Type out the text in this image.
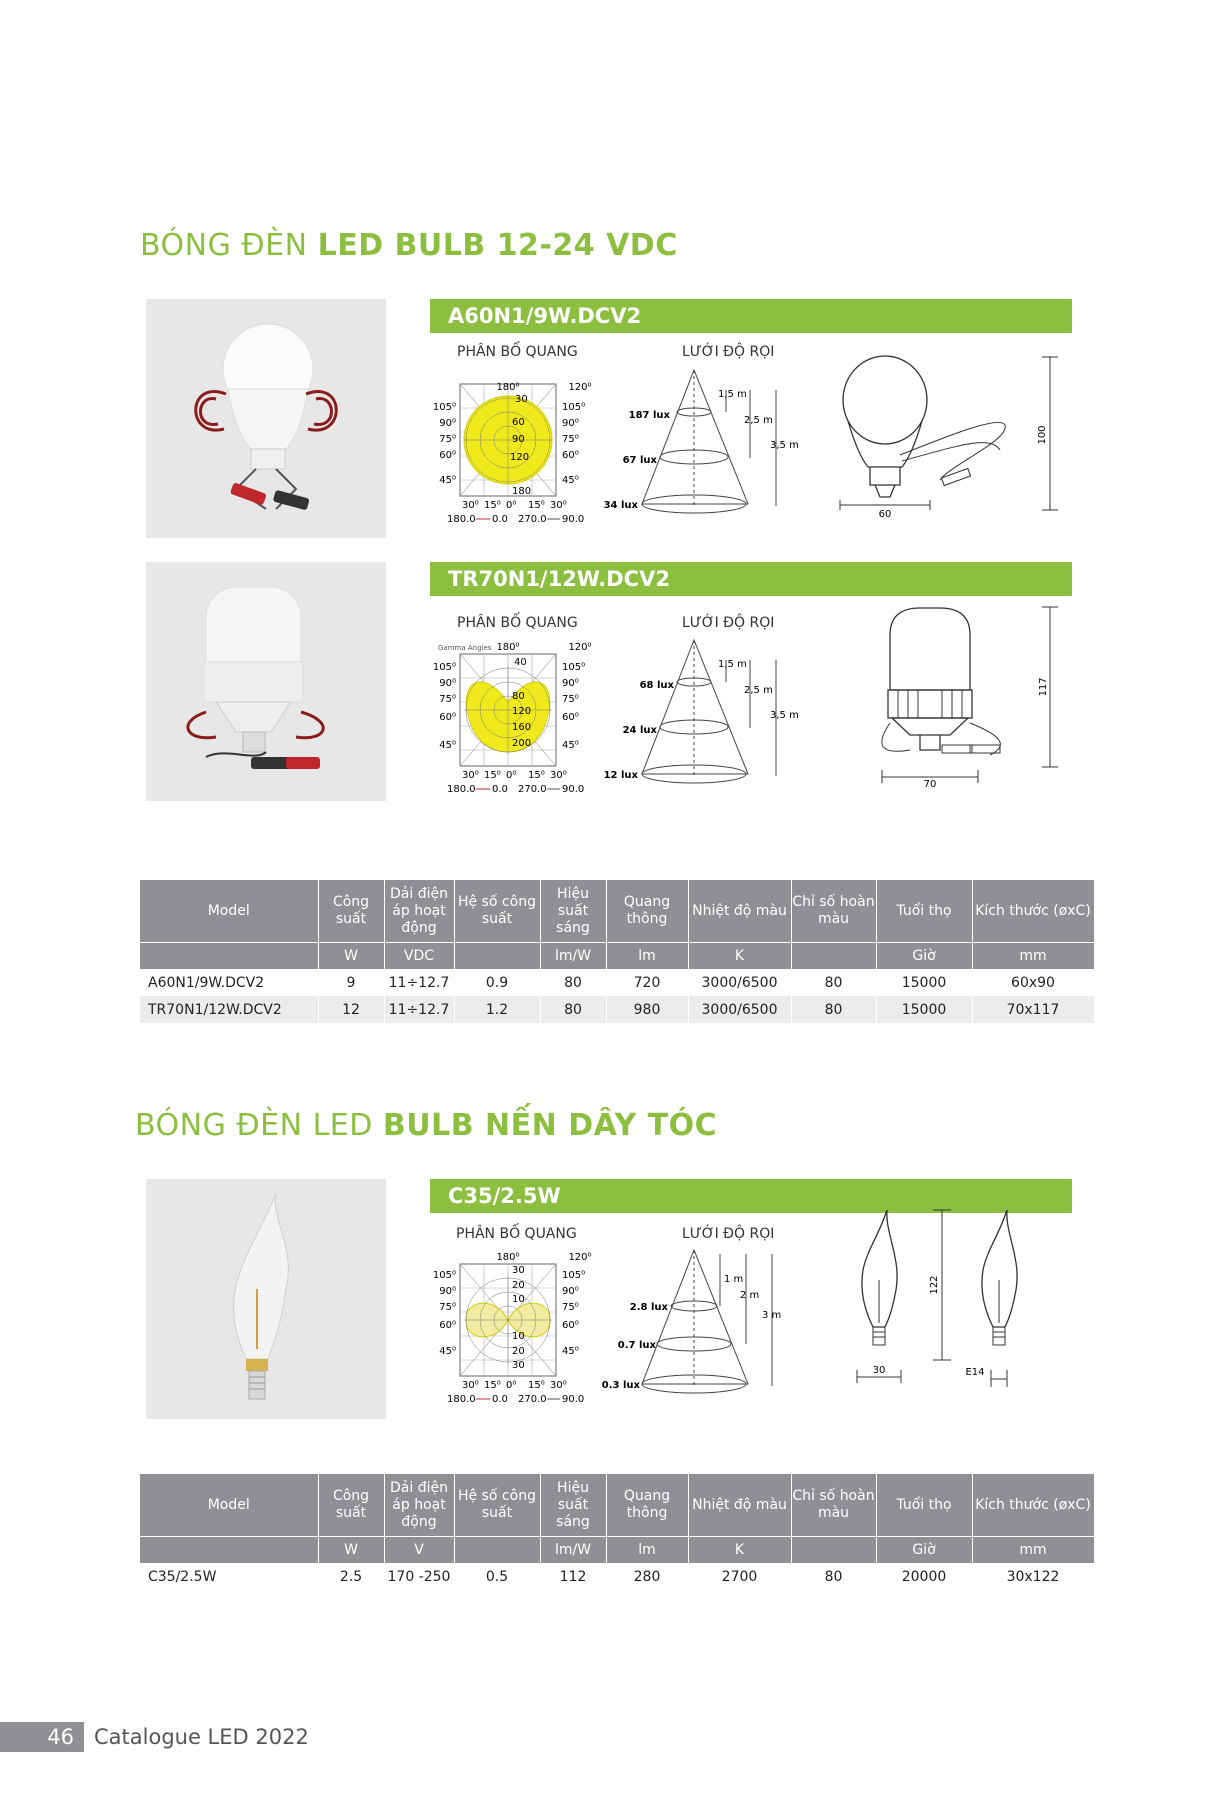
BÓNG ĐÈN LED BULB 12-24 VDC
A60N1/9W.DCV2
PHÂN BỐ QUANG	LƯỚI ĐỘ RỌI
180⁰	120⁰
30
60
90
120
180
105⁰
90⁰
75⁰
60⁰
45⁰
105⁰
90⁰
75⁰
60⁰
45⁰
30⁰ 15⁰ 0⁰ 15⁰ 30⁰
180.0 0.0 270.0 90.0
1,5 m
2,5 m
3,5 m
187 lux
67 lux
34 lux
60
100
TR70N1/12W.DCV2
PHÂN BỐ QUANG	LƯỚI ĐỘ RỌI
Gamma Angles 180⁰	120⁰
40
80
120
160
200
105⁰
90⁰
75⁰
60⁰
45⁰
105⁰
90⁰
75⁰
60⁰
45⁰
30⁰ 15⁰ 0⁰ 15⁰ 30⁰
180.0 0.0 270.0 90.0
1,5 m
2,5 m
3,5 m
68 lux
24 lux
12 lux
70
117
Model	Công suất	Dải điện áp hoạt động	Hệ số công suất	Hiệu suất sáng	Quang thông	Nhiệt độ màu	Chỉ số hoàn màu	Tuổi thọ	Kích thước (øxC)
	W	VDC		lm/W	lm	K		Giờ	mm
A60N1/9W.DCV2	9	11÷12.7	0.9	80	720	3000/6500	80	15000	60x90
TR70N1/12W.DCV2	12	11÷12.7	1.2	80	980	3000/6500	80	15000	70x117
BÓNG ĐÈN LED BULB NẾN DÂY TÓC
C35/2.5W
PHÂN BỐ QUANG	LƯỚI ĐỘ RỌI
180⁰	120⁰
30
20
10
10
20
30
105⁰
90⁰
75⁰
60⁰
45⁰
105⁰
90⁰
75⁰
60⁰
45⁰
30⁰ 15⁰ 0⁰ 15⁰ 30⁰
180.0 0.0 270.0 90.0
1 m
2 m
3 m
2.8 lux
0.7 lux
0.3 lux
30
122
E14
Model	Công suất	Dải điện áp hoạt động	Hệ số công suất	Hiệu suất sáng	Quang thông	Nhiệt độ màu	Chỉ số hoàn màu	Tuổi thọ	Kích thước (øxC)
	W	V		lm/W	lm	K		Giờ	mm
C35/2.5W	2.5	170 -250	0.5	112	280	2700	80	20000	30x122
46 Catalogue LED 2022
